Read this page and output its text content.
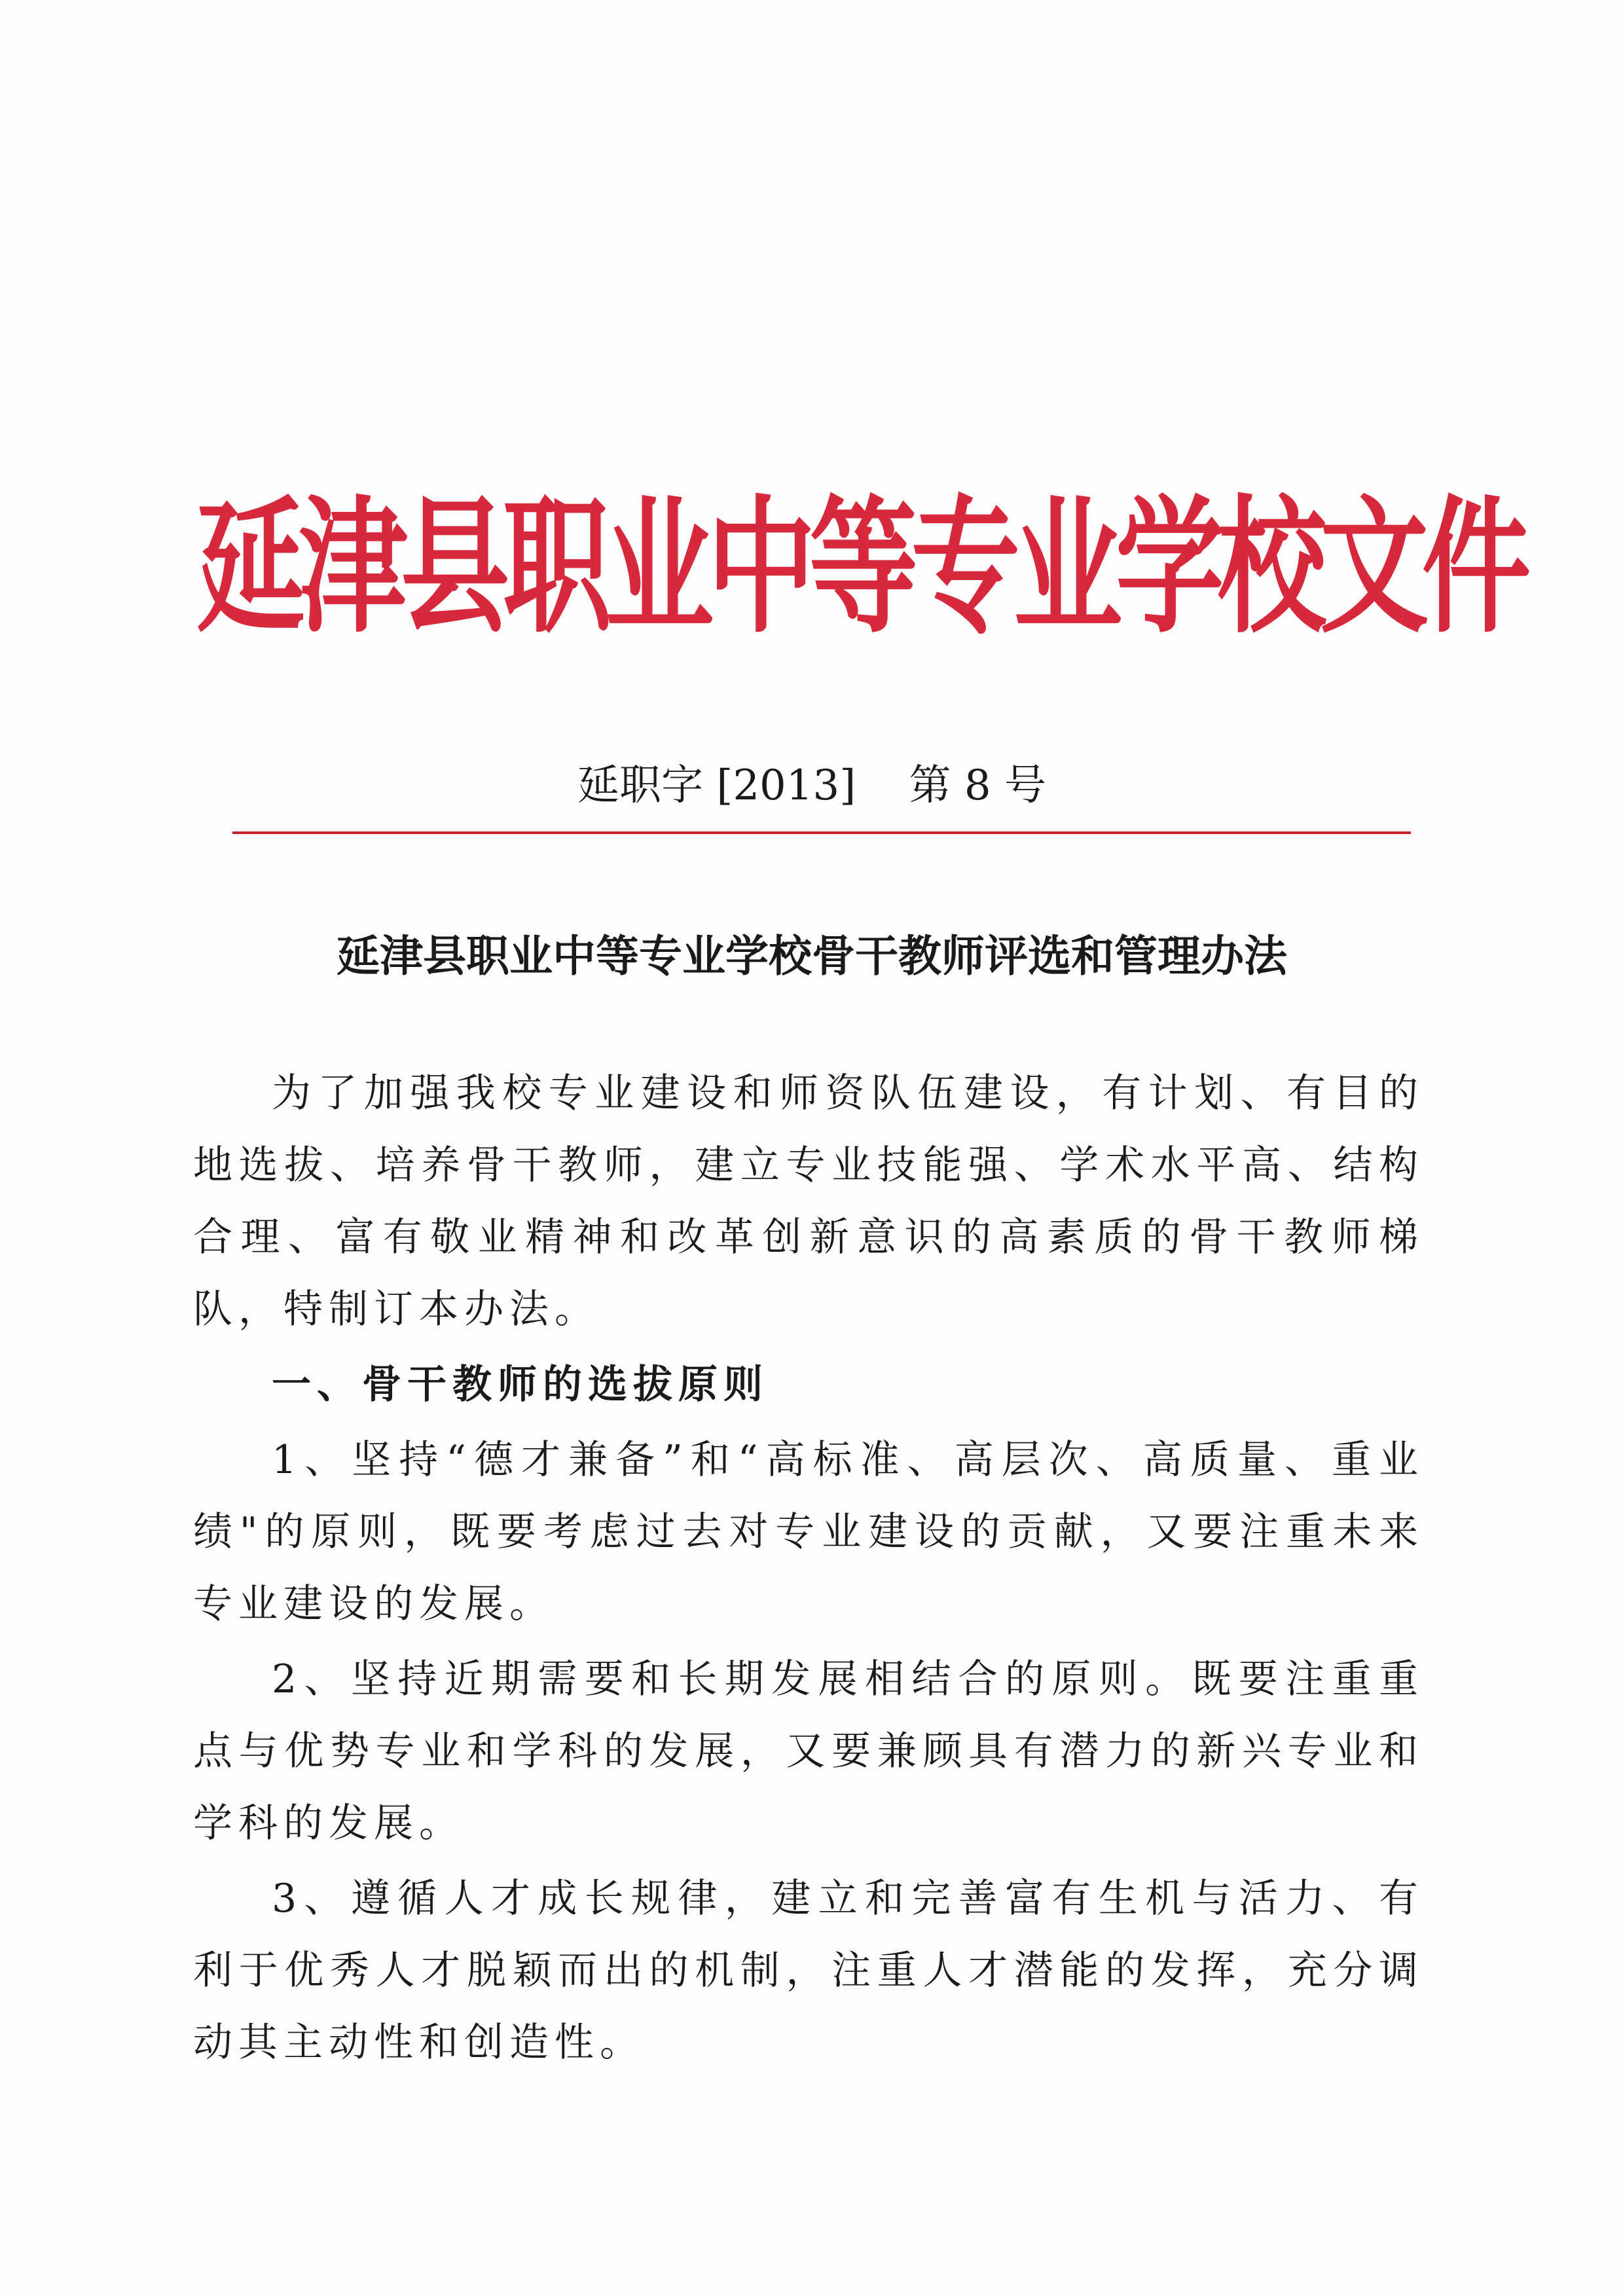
延津县职业中等专业学校文件
延职字 [2013]    第 8 号
延津县职业中等专业学校骨干教师评选和管理办法

为了加强我校专业建设和师资队伍建设，有计划、有目的地选拔、培养骨干教师，建立专业技能强、学术水平高、结构合理、富有敬业精神和改革创新意识的高素质的骨干教师梯队，特制订本办法。

一、骨干教师的选拔原则

1、坚持“德才兼备”和“高标准、高层次、高质量、重业绩"的原则，既要考虑过去对专业建设的贡献，又要注重未来专业建设的发展。

2、坚持近期需要和长期发展相结合的原则。既要注重重点与优势专业和学科的发展，又要兼顾具有潜力的新兴专业和学科的发展。

3、遵循人才成长规律，建立和完善富有生机与活力、有利于优秀人才脱颖而出的机制，注重人才潜能的发挥，充分调动其主动性和创造性。
